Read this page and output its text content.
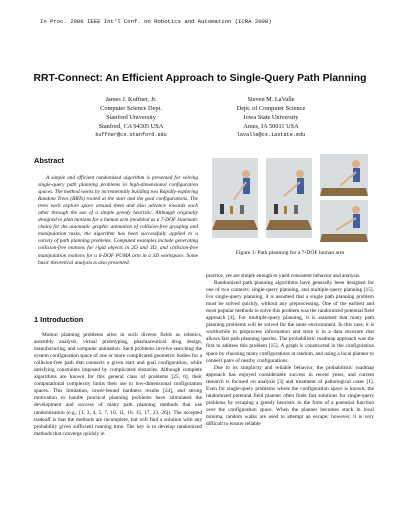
In Proc. 2000 IEEE Int'l Conf. on Robotics and Automation (ICRA 2000)
RRT-Connect: An Efficient Approach to Single-Query Path Planning
James J. Kuffner, Jr.
Computer Science Dept.
Stanford University
Stanford, CA 94305 USA
kuffner@cs.stanford.edu
Steven M. LaValle
Dept. of Computer Science
Iowa State University
Ames, IA 50011 USA
lavalle@cs.iastate.edu
Abstract
A simple and efficient randomized algorithm is presented for solving single-query path planning problems in high-dimensional configuration spaces. The method works by incrementally building two Rapidly-exploring Random Trees (RRTs) rooted at the start and the goal configurations. The trees each explore space around them and also advance towards each other through the use of a simple greedy heuristic. Although originally designed to plan motions for a human arm (modeled as a 7-DOF kinematic chain) for the automatic graphic animation of collision-free grasping and manipulation tasks, the algorithm has been successfully applied to a variety of path planning problems. Computed examples include generating collision-free motions for rigid objects in 2D and 3D, and collision-free manipulation motions for a 6-DOF PUMA arm in a 3D workspace. Some basic theoretical analysis is also presented.
1 Introduction
Motion planning problems arise in such diverse fields as robotics, assembly analysis, virtual prototyping, pharmaceutical drug design, manufacturing, and computer animation. Such problems involve searching the system configuration space of one or more complicated geometric bodies for a collision-free path that connects a given start and goal configuration, while satisfying constraints imposed by complicated obstacles. Although complete algorithms are known for this general class of problems [25, 6], their computational complexity limits their use to low-dimensional configuration spaces. This limitation, lower-bound hardness results [24], and strong motivation to handle practical planning problems have stimulated the development and success of many path planning methods that use randomization (e.g., [1, 3, 4, 5, 7, 10, 11, 16, 15, 17, 23, 26]). The accepted tradeoff is that the methods are incomplete, but will find a solution with any probability given sufficient running time. The key is to develop randomized methods that converge quickly in
Figure 1: Path planning for a 7-DOF human arm
practice, yet are simple enough to yield consistent behavior and analysis.
Randomized path planning algorithms have generally been designed for one of two contexts: single-query planning, and multiple-query planning [15]. For single-query planning, it is assumed that a single path planning problem must be solved quickly, without any preprocessing. One of the earliest and most popular methods to solve this problem was the randomized potential field approach [4]. For multiple-query planning, it is assumed that many path planning problems will be solved for the same environment. In this case, it is worthwhile to preprocess information and store it in a data structure that allows fast path planning queries. The probabilistic roadmap approach was the first to address this problem [15]. A graph is constructed in the configuration space by choosing many configurations at random, and using a local planner to connect pairs of nearby configurations.
Due to its simplicity and reliable behavior, the probabilistic roadmap approach has enjoyed considerable success in recent years, and current research is focused on analysis [3] and treatment of pathological cases [1]. Even for single-query problems where the configuration space is known, the randomized potential field planner often finds fast solutions for single-query problems by escaping a greedy heuristic in the form of a potential function over the configuration space. When the planner becomes stuck in local minima, random walks are used to attempt an escape; however, it is very difficult to ensure reliable
